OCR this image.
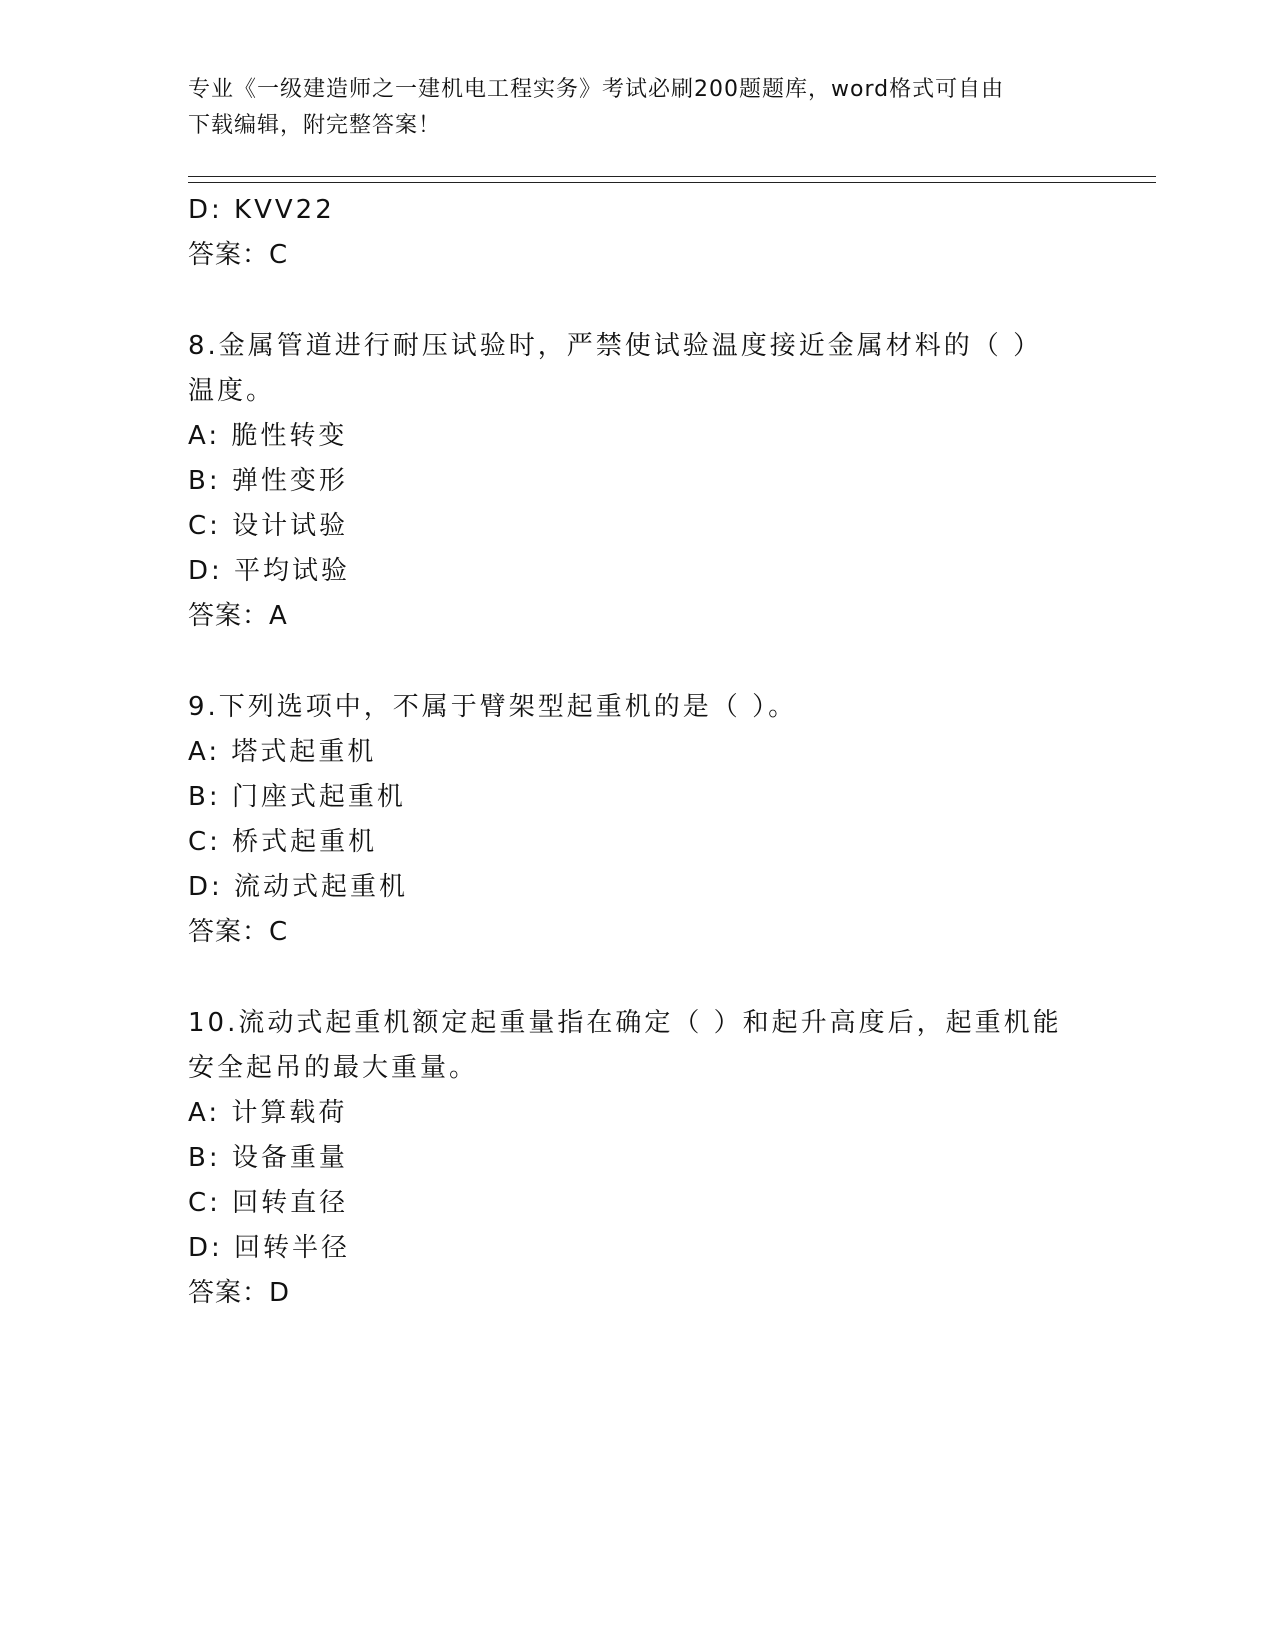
专业《一级建造师之一建机电工程实务》考试必刷200题题库，word格式可自由
下载编辑，附完整答案！
D: KVV22
答案：C
8.金属管道进行耐压试验时，严禁使试验温度接近金属材料的（ ）
温度。
A: 脆性转变
B: 弹性变形
C: 设计试验
D: 平均试验
答案：A
9.下列选项中，不属于臂架型起重机的是（ ）。
A: 塔式起重机
B: 门座式起重机
C: 桥式起重机
D: 流动式起重机
答案：C
10.流动式起重机额定起重量指在确定（ ）和起升高度后，起重机能
安全起吊的最大重量。
A: 计算载荷
B: 设备重量
C: 回转直径
D: 回转半径
答案：D
